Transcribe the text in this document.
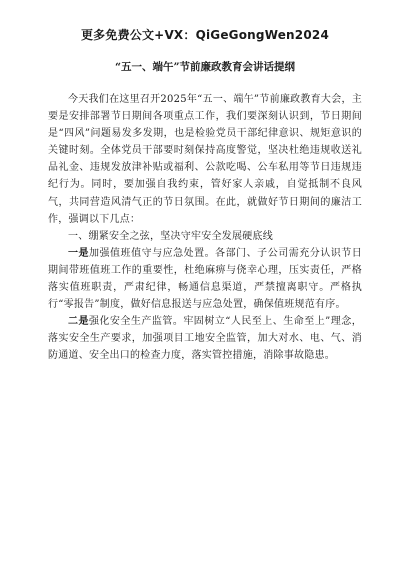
更多免费公文+VX：QiGeGongWen2024
“五一、端午”节前廉政教育会讲话提纲

今天我们在这里召开2025年“五一、端午”节前廉政教育大会，主要是安排部署节日期间各项重点工作，我们要深刻认识到，节日期间是“四风”问题易发多发期，也是检验党员干部纪律意识、规矩意识的关键时刻。全体党员干部要时刻保持高度警觉，坚决杜绝违规收送礼品礼金、违规发放津补贴或福利、公款吃喝、公车私用等节日违规违纪行为。同时，要加强自我约束，管好家人亲戚，自觉抵制不良风气，共同营造风清气正的节日氛围。在此，就做好节日期间的廉洁工作，强调以下几点：

一、绷紧安全之弦，坚决守牢安全发展硬底线

一是加强值班值守与应急处置。各部门、子公司需充分认识节日期间带班值班工作的重要性，杜绝麻痹与侥幸心理，压实责任，严格落实值班职责，严肃纪律，畅通信息渠道，严禁擅离职守。严格执行“零报告”制度，做好信息报送与应急处置，确保值班规范有序。

二是强化安全生产监管。牢固树立“人民至上、生命至上”理念，落实安全生产要求，加强项目工地安全监管，加大对水、电、气、消防通道、安全出口的检查力度，落实管控措施，消除事故隐患。
